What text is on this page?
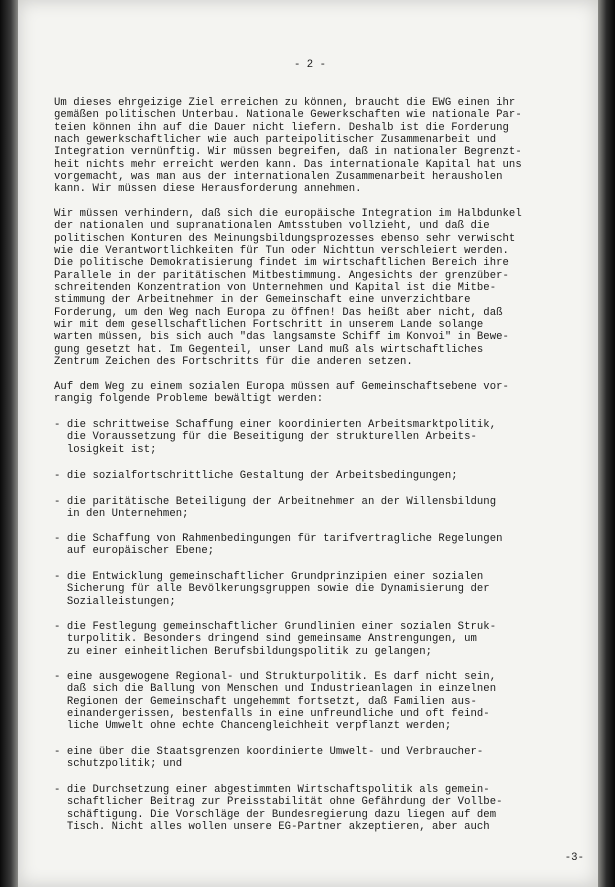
- 2 -

Um dieses ehrgeizige Ziel erreichen zu können, braucht die EWG einen ihr
gemäßen politischen Unterbau. Nationale Gewerkschaften wie nationale Par-
teien können ihn auf die Dauer nicht liefern. Deshalb ist die Forderung
nach gewerkschaftlicher wie auch parteipolitischer Zusammenarbeit und
Integration vernünftig. Wir müssen begreifen, daß in nationaler Begrenzt-
heit nichts mehr erreicht werden kann. Das internationale Kapital hat uns
vorgemacht, was man aus der internationalen Zusammenarbeit herausholen
kann. Wir müssen diese Herausforderung annehmen.

Wir müssen verhindern, daß sich die europäische Integration im Halbdunkel
der nationalen und supranationalen Amtsstuben vollzieht, und daß die
politischen Konturen des Meinungsbildungsprozesses ebenso sehr verwischt
wie die Verantwortlichkeiten für Tun oder Nichttun verschleiert werden.
Die politische Demokratisierung findet im wirtschaftlichen Bereich ihre
Parallele in der paritätischen Mitbestimmung. Angesichts der grenzüber-
schreitenden Konzentration von Unternehmen und Kapital ist die Mitbe-
stimmung der Arbeitnehmer in der Gemeinschaft eine unverzichtbare
Forderung, um den Weg nach Europa zu öffnen! Das heißt aber nicht, daß
wir mit dem gesellschaftlichen Fortschritt in unserem Lande solange
warten müssen, bis sich auch "das langsamste Schiff im Konvoi" in Bewe-
gung gesetzt hat. Im Gegenteil, unser Land muß als wirtschaftliches
Zentrum Zeichen des Fortschritts für die anderen setzen.

Auf dem Weg zu einem sozialen Europa müssen auf Gemeinschaftsebene vor-
rangig folgende Probleme bewältigt werden:

- die schrittweise Schaffung einer koordinierten Arbeitsmarktpolitik,
die Voraussetzung für die Beseitigung der strukturellen Arbeits-
losigkeit ist;

- die sozialfortschrittliche Gestaltung der Arbeitsbedingungen;

- die paritätische Beteiligung der Arbeitnehmer an der Willensbildung
in den Unternehmen;

- die Schaffung von Rahmenbedingungen für tarifvertragliche Regelungen
auf europäischer Ebene;

- die Entwicklung gemeinschaftlicher Grundprinzipien einer sozialen
Sicherung für alle Bevölkerungsgruppen sowie die Dynamisierung der
Sozialleistungen;

- die Festlegung gemeinschaftlicher Grundlinien einer sozialen Struk-
turpolitik. Besonders dringend sind gemeinsame Anstrengungen, um
zu einer einheitlichen Berufsbildungspolitik zu gelangen;

- eine ausgewogene Regional- und Strukturpolitik. Es darf nicht sein,
daß sich die Ballung von Menschen und Industrieanlagen in einzelnen
Regionen der Gemeinschaft ungehemmt fortsetzt, daß Familien aus-
einandergerissen, bestenfalls in eine unfreundliche und oft feind-
liche Umwelt ohne echte Chancengleichheit verpflanzt werden;

- eine über die Staatsgrenzen koordinierte Umwelt- und Verbraucher-
schutzpolitik; und

- die Durchsetzung einer abgestimmten Wirtschaftspolitik als gemein-
schaftlicher Beitrag zur Preisstabilität ohne Gefährdung der Vollbe-
schäftigung. Die Vorschläge der Bundesregierung dazu liegen auf dem
Tisch. Nicht alles wollen unsere EG-Partner akzeptieren, aber auch

-3-
